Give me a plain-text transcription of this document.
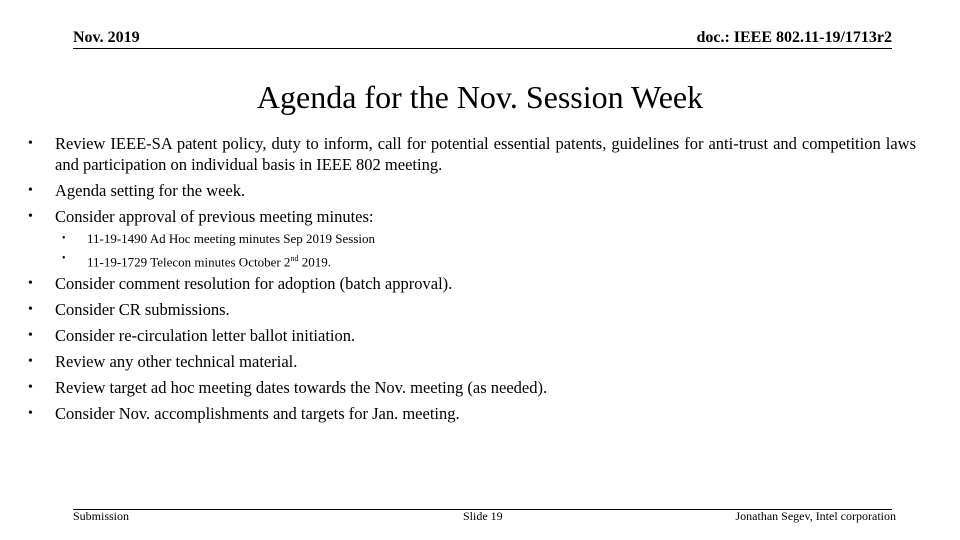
Nov. 2019	doc.: IEEE 802.11-19/1713r2
Agenda for the Nov. Session Week
• Review IEEE-SA patent policy, duty to inform, call for potential essential patents, guidelines for anti-trust and competition laws and participation on individual basis in IEEE 802 meeting.
• Agenda setting for the week.
• Consider approval of previous meeting minutes:
• 11-19-1490 Ad Hoc meeting minutes Sep 2019 Session
• 11-19-1729 Telecon minutes October 2nd 2019.
• Consider comment resolution for adoption (batch approval).
• Consider CR submissions.
• Consider re-circulation letter ballot initiation.
• Review any other technical material.
• Review target ad hoc meeting dates towards the Nov. meeting (as needed).
• Consider Nov. accomplishments and targets for Jan. meeting.
Submission	Slide 19	Jonathan Segev, Intel corporation
